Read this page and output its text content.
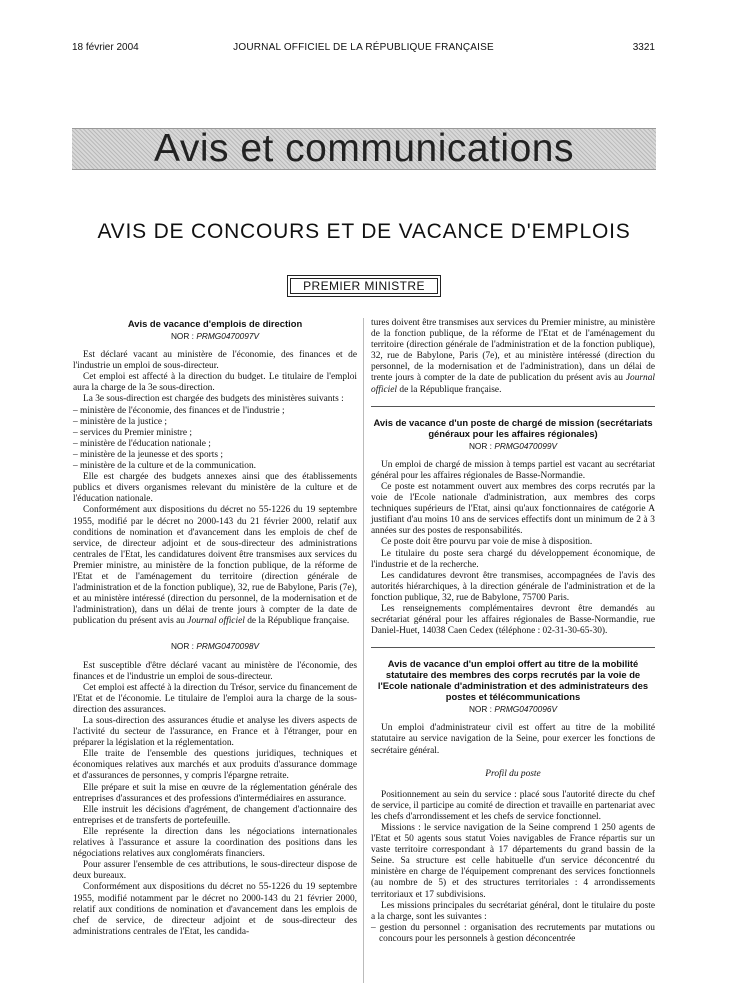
18 février 2004	JOURNAL OFFICIEL DE LA RÉPUBLIQUE FRANÇAISE	3321
Avis et communications
AVIS DE CONCOURS ET DE VACANCE D'EMPLOIS
PREMIER MINISTRE

Avis de vacance d'emplois de direction

NOR : PRMG0470097V

Est déclaré vacant au ministère de l'économie, des finances et de l'industrie un emploi de sous-directeur.

Cet emploi est affecté à la direction du budget. Le titulaire de l'emploi aura la charge de la 3e sous-direction.

La 3e sous-direction est chargée des budgets des ministères suivants :

– ministère de l'économie, des finances et de l'industrie ;

– ministère de la justice ;

– services du Premier ministre ;

– ministère de l'éducation nationale ;

– ministère de la jeunesse et des sports ;

– ministère de la culture et de la communication.

Elle est chargée des budgets annexes ainsi que des établissements publics et divers organismes relevant du ministère de la culture et de l'éducation nationale.

Conformément aux dispositions du décret no 55-1226 du 19 septembre 1955, modifié par le décret no 2000-143 du 21 février 2000, relatif aux conditions de nomination et d'avancement dans les emplois de chef de service, de directeur adjoint et de sous-directeur des administrations centrales de l'Etat, les candidatures doivent être transmises aux services du Premier ministre, au ministère de la fonction publique, de la réforme de l'Etat et de l'aménagement du territoire (direction générale de l'administration et de la fonction publique), 32, rue de Babylone, Paris (7e), et au ministère intéressé (direction du personnel, de la modernisation et de l'administration), dans un délai de trente jours à compter de la date de publication du présent avis au Journal officiel de la République française.

NOR : PRMG0470098V

Est susceptible d'être déclaré vacant au ministère de l'économie, des finances et de l'industrie un emploi de sous-directeur.

Cet emploi est affecté à la direction du Trésor, service du financement de l'Etat et de l'économie. Le titulaire de l'emploi aura la charge de la sous-direction des assurances.

La sous-direction des assurances étudie et analyse les divers aspects de l'activité du secteur de l'assurance, en France et à l'étranger, pour en préparer la législation et la réglementation.

Elle traite de l'ensemble des questions juridiques, techniques et économiques relatives aux marchés et aux produits d'assurance dommage et d'assurances de personnes, y compris l'épargne retraite.

Elle prépare et suit la mise en œuvre de la réglementation générale des entreprises d'assurances et des professions d'intermédiaires en assurance.

Elle instruit les décisions d'agrément, de changement d'actionnaire des entreprises et de transferts de portefeuille.

Elle représente la direction dans les négociations internationales relatives à l'assurance et assure la coordination des positions dans les négociations relatives aux conglomérats financiers.

Pour assurer l'ensemble de ces attributions, le sous-directeur dispose de deux bureaux.

Conformément aux dispositions du décret no 55-1226 du 19 septembre 1955, modifié notamment par le décret no 2000-143 du 21 février 2000, relatif aux conditions de nomination et d'avancement dans les emplois de chef de service, de directeur adjoint et de sous-directeur des administrations centrales de l'Etat, les candida-

tures doivent être transmises aux services du Premier ministre, au ministère de la fonction publique, de la réforme de l'Etat et de l'aménagement du territoire (direction générale de l'administration et de la fonction publique), 32, rue de Babylone, Paris (7e), et au ministère intéressé (direction du personnel, de la modernisation et de l'administration), dans un délai de trente jours à compter de la date de publication du présent avis au Journal officiel de la République française.

Avis de vacance d'un poste de chargé de mission (secrétariats généraux pour les affaires régionales)

NOR : PRMG0470099V

Un emploi de chargé de mission à temps partiel est vacant au secrétariat général pour les affaires régionales de Basse-Normandie.

Ce poste est notamment ouvert aux membres des corps recrutés par la voie de l'Ecole nationale d'administration, aux membres des corps techniques supérieurs de l'Etat, ainsi qu'aux fonctionnaires de catégorie A justifiant d'au moins 10 ans de services effectifs dont un minimum de 2 à 3 années sur des postes de responsabilités.

Ce poste doit être pourvu par voie de mise à disposition.

Le titulaire du poste sera chargé du développement économique, de l'industrie et de la recherche.

Les candidatures devront être transmises, accompagnées de l'avis des autorités hiérarchiques, à la direction générale de l'administration et de la fonction publique, 32, rue de Babylone, 75700 Paris.

Les renseignements complémentaires devront être demandés au secrétariat général pour les affaires régionales de Basse-Normandie, rue Daniel-Huet, 14038 Caen Cedex (téléphone : 02-31-30-65-30).

Avis de vacance d'un emploi offert au titre de la mobilité statutaire des membres des corps recrutés par la voie de l'Ecole nationale d'administration et des administrateurs des postes et télécommunications

NOR : PRMG0470096V

Un emploi d'administrateur civil est offert au titre de la mobilité statutaire au service navigation de la Seine, pour exercer les fonctions de secrétaire général.

Profil du poste

Positionnement au sein du service : placé sous l'autorité directe du chef de service, il participe au comité de direction et travaille en partenariat avec les chefs d'arrondissement et les chefs de service fonctionnel.

Missions : le service navigation de la Seine comprend 1 250 agents de l'Etat et 50 agents sous statut Voies navigables de France répartis sur un vaste territoire correspondant à 17 départements du grand bassin de la Seine. Sa structure est celle habituelle d'un service déconcentré du ministère en charge de l'équipement comprenant des services fonctionnels (au nombre de 5) et des structures territoriales : 4 arrondissements territoriaux et 17 subdivisions.

Les missions principales du secrétariat général, dont le titulaire du poste a la charge, sont les suivantes :

– gestion du personnel : organisation des recrutements par mutations ou concours pour les personnels à gestion déconcentrée
